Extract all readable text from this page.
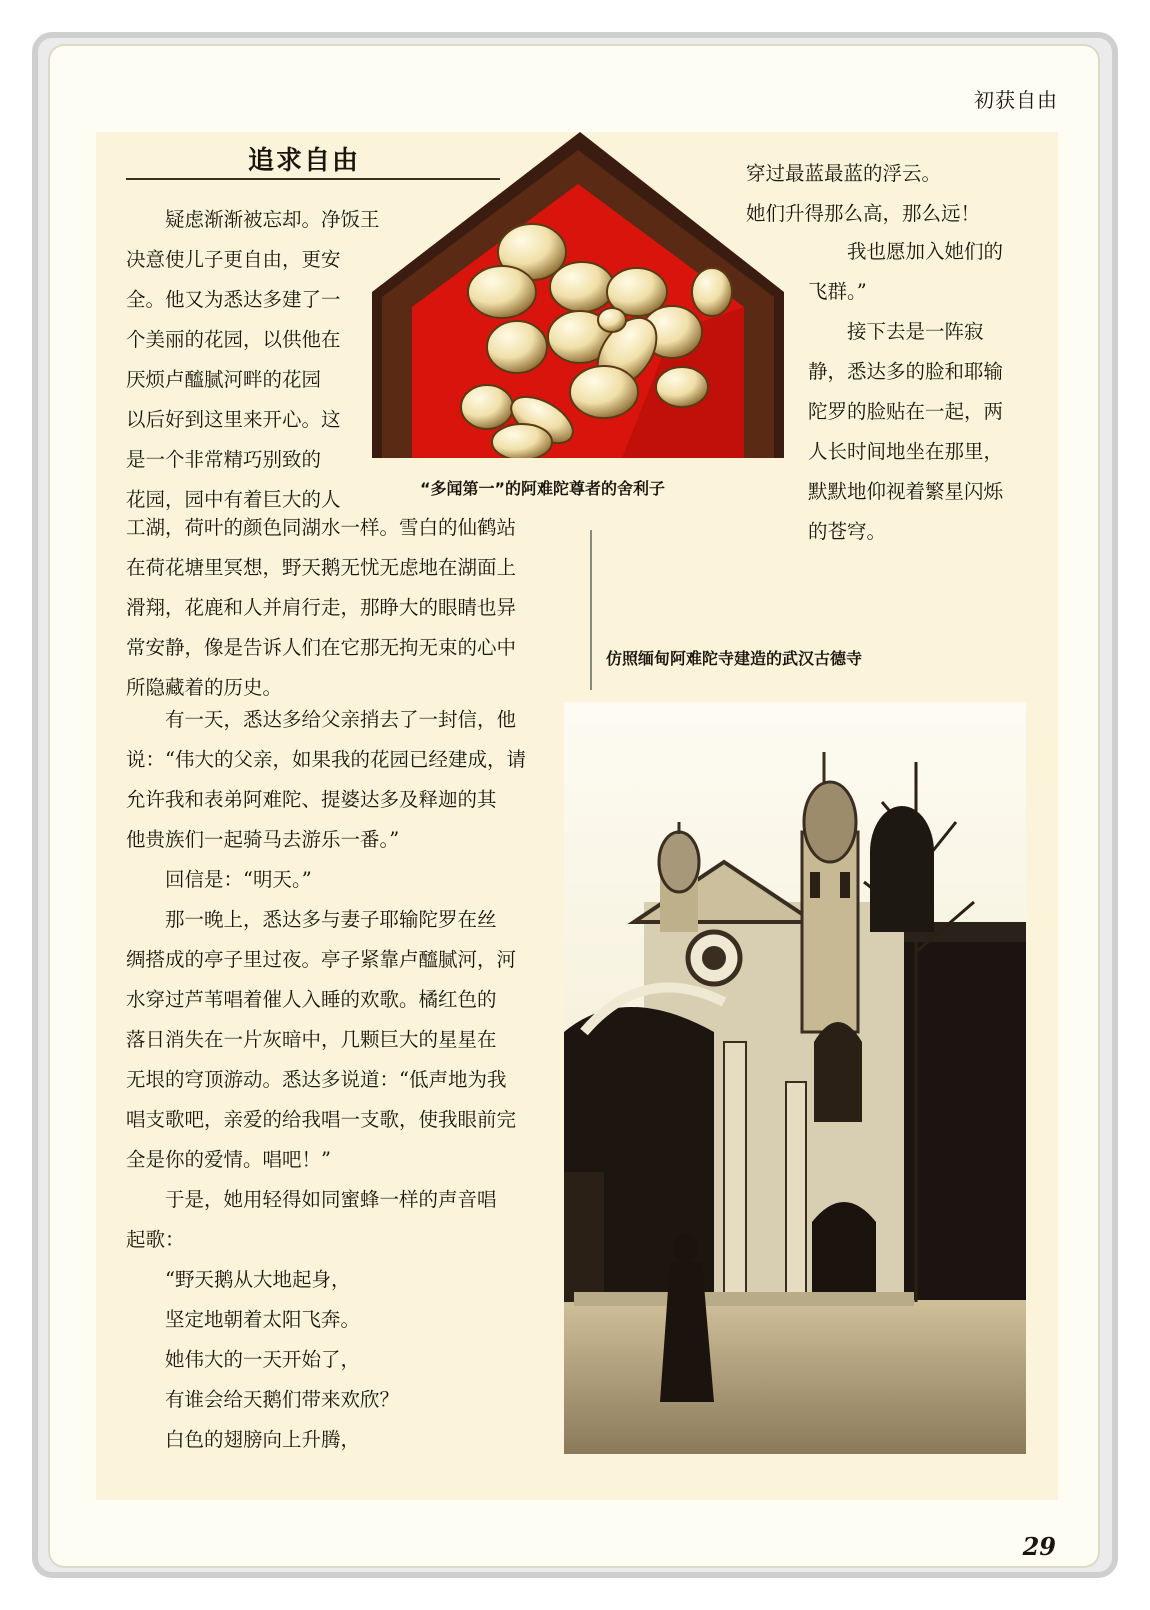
初获自由
追求自由
“多闻第一”的阿难陀尊者的舍利子
　　疑虑渐渐被忘却。净饭王
决意使儿子更自由，更安
全。他又为悉达多建了一
个美丽的花园，以供他在
厌烦卢醯腻河畔的花园
以后好到这里来开心。这
是一个非常精巧别致的
花园，园中有着巨大的人
工湖，荷叶的颜色同湖水一样。雪白的仙鹤站
在荷花塘里冥想，野天鹅无忧无虑地在湖面上
滑翔，花鹿和人并肩行走，那睁大的眼睛也异
常安静，像是告诉人们在它那无拘无束的心中
所隐藏着的历史。
仿照缅甸阿难陀寺建造的武汉古德寺
　　有一天，悉达多给父亲捎去了一封信，他
说：“伟大的父亲，如果我的花园已经建成，请
允许我和表弟阿难陀、提婆达多及释迦的其
他贵族们一起骑马去游乐一番。”
　　回信是：“明天。”
　　那一晚上，悉达多与妻子耶输陀罗在丝
绸搭成的亭子里过夜。亭子紧靠卢醯腻河，河
水穿过芦苇唱着催人入睡的欢歌。橘红色的
落日消失在一片灰暗中，几颗巨大的星星在
无垠的穹顶游动。悉达多说道：“低声地为我
唱支歌吧，亲爱的给我唱一支歌，使我眼前完
全是你的爱情。唱吧！”
　　于是，她用轻得如同蜜蜂一样的声音唱
起歌：
　　“野天鹅从大地起身，
　　坚定地朝着太阳飞奔。
　　她伟大的一天开始了，
　　有谁会给天鹅们带来欢欣？
　　白色的翅膀向上升腾，
穿过最蓝最蓝的浮云。
她们升得那么高，那么远！
　　我也愿加入她们的
飞群。”
　　接下去是一阵寂
静，悉达多的脸和耶输
陀罗的脸贴在一起，两
人长时间地坐在那里，
默默地仰视着繁星闪烁
的苍穹。
29
